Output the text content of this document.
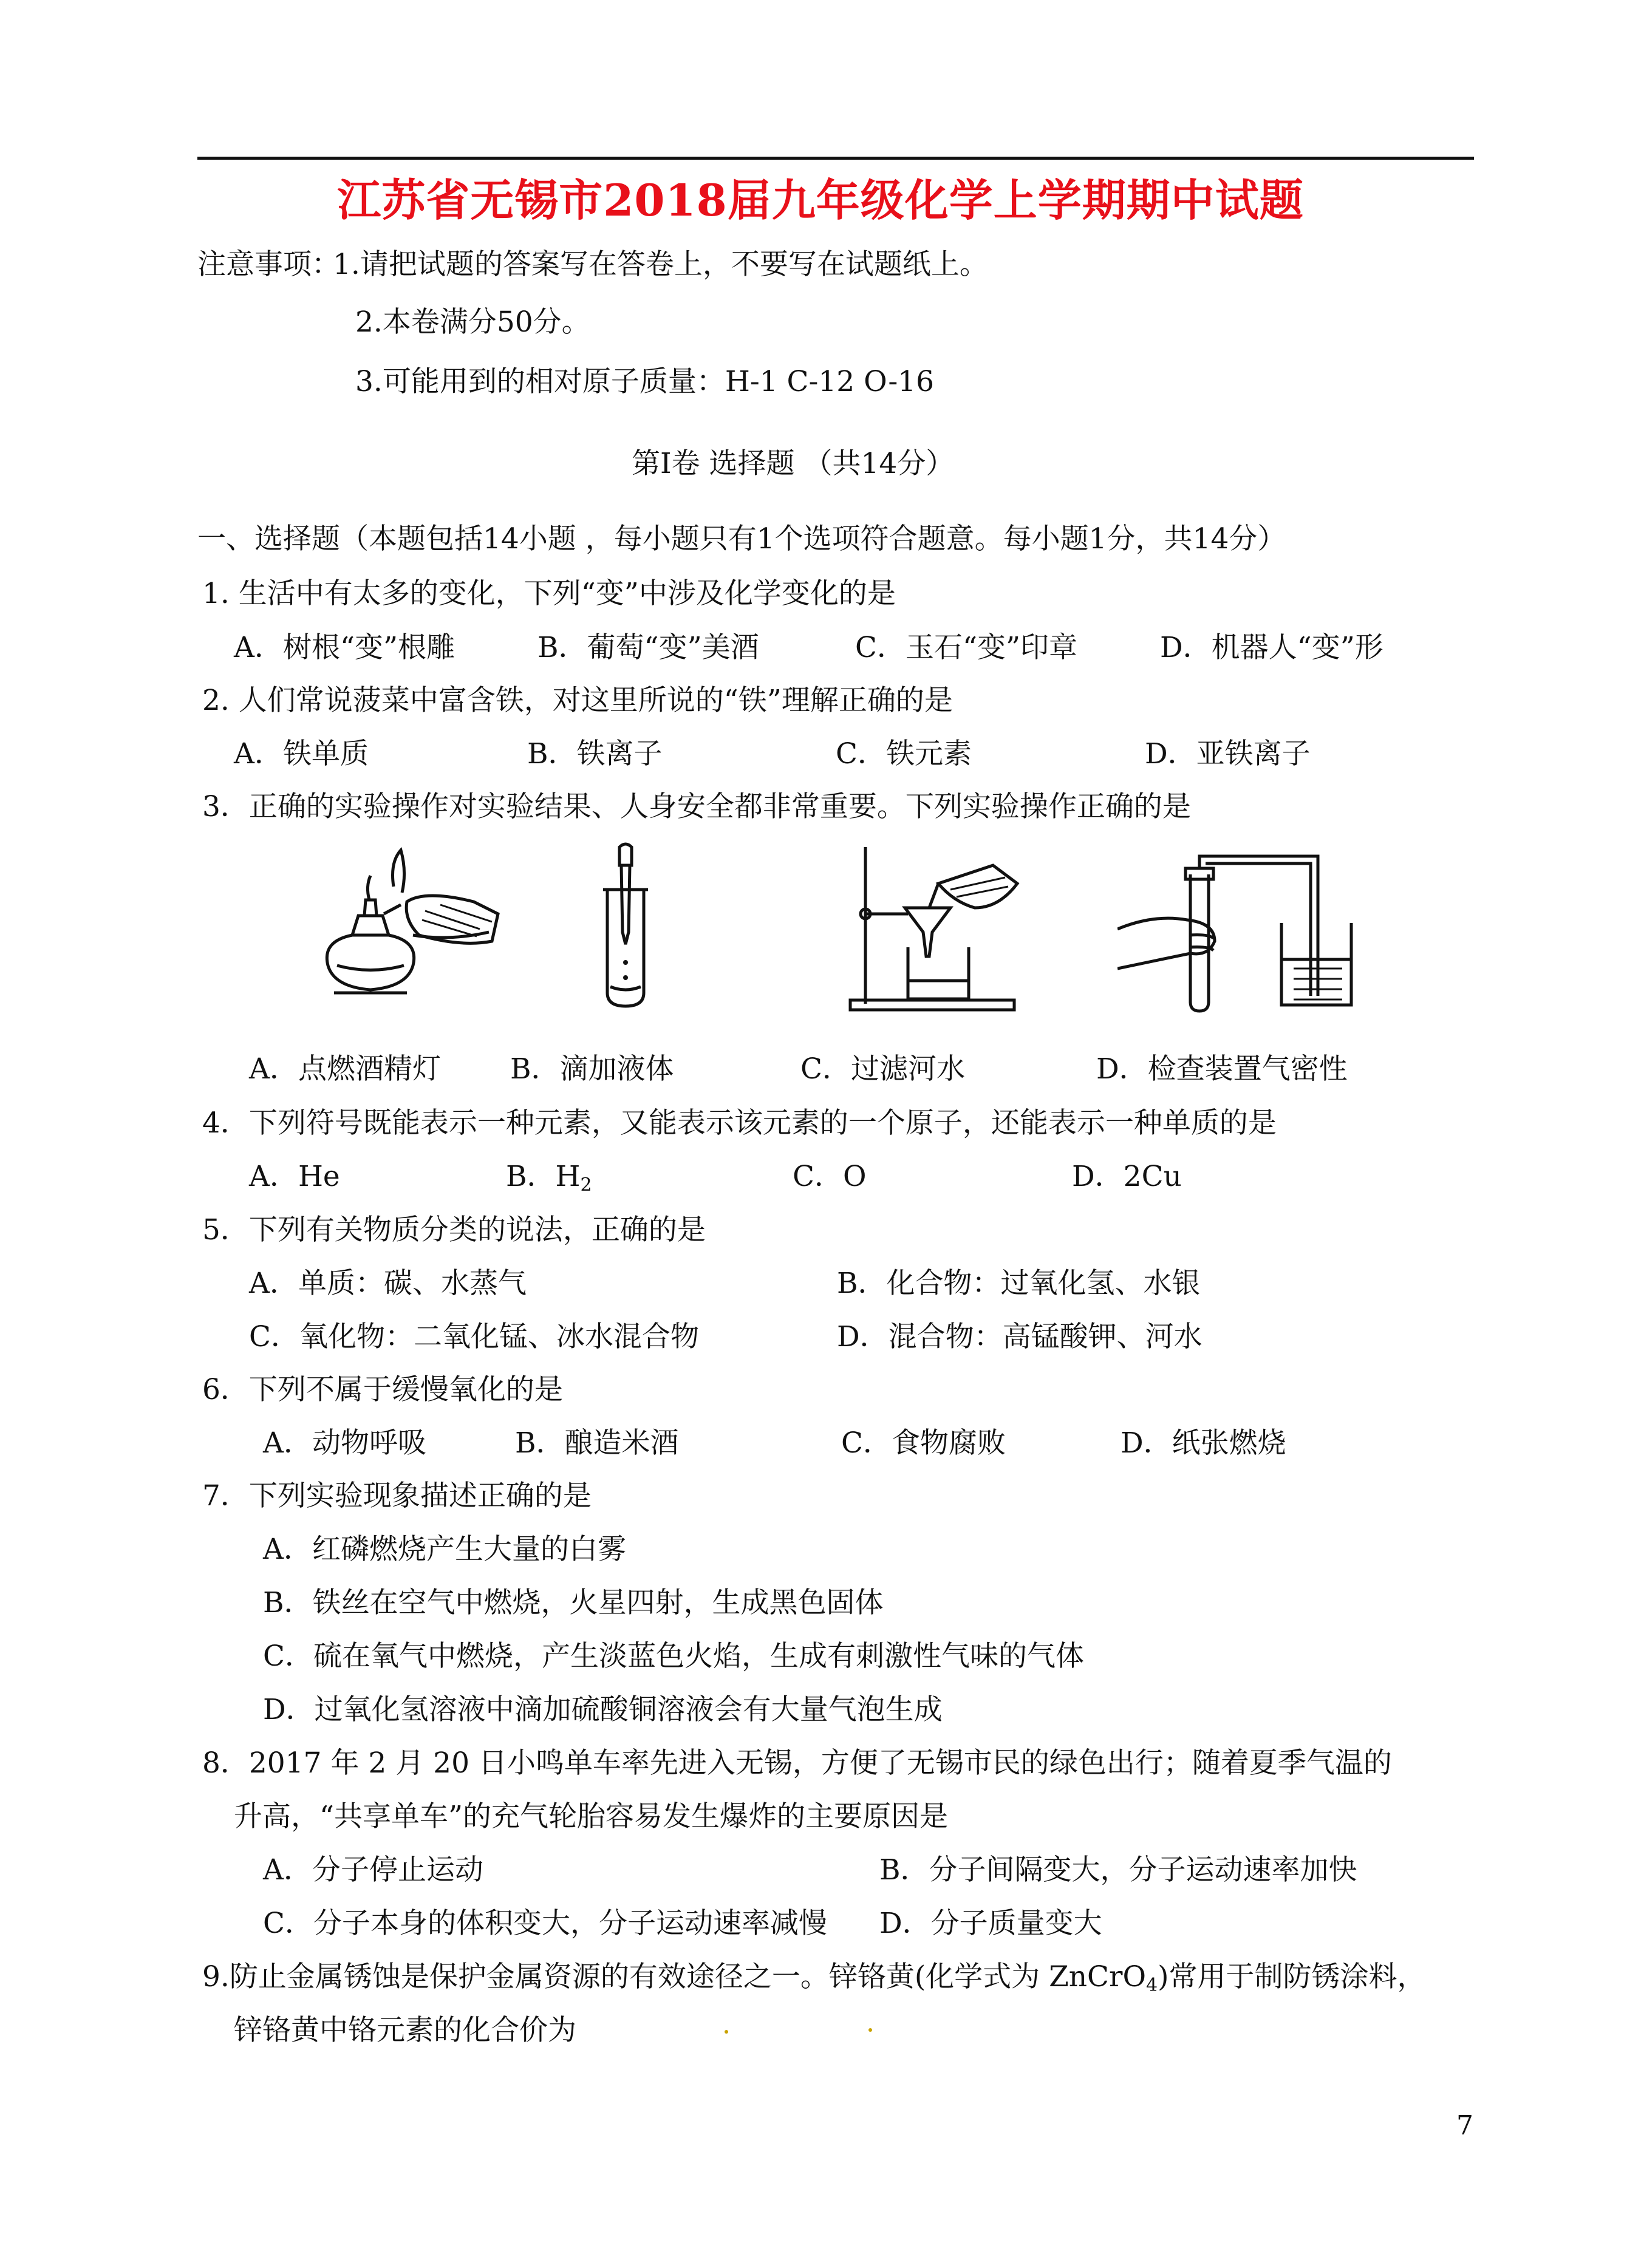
江苏省无锡市2018届九年级化学上学期期中试题
注意事项：
1.请把试题的答案写在答卷上，不要写在试题纸上。
2.本卷满分50分。
3.可能用到的相对原子质量：H-1 C-12 O-16
第Ⅰ卷 选择题 （共14分）
一、选择题（本题包括14小题 ，每小题只有1个选项符合题意。每小题1分，共14分）
1. 生活中有太多的变化，下列“变”中涉及化学变化的是
A．树根“变”根雕	B．葡萄“变”美酒	C．玉石“变”印章	D．机器人“变”形
2. 人们常说菠菜中富含铁，对这里所说的“铁”理解正确的是
A．铁单质	B．铁离子	C．铁元素	D．亚铁离子
3．正确的实验操作对实验结果、人身安全都非常重要。下列实验操作正确的是
A．点燃酒精灯 B．滴加液体	C．过滤河水	D．检查装置气密性
4．下列符号既能表示一种元素，又能表示该元素的一个原子，还能表示一种单质的是
A．He	B．$H_2$	C．O	D．2Cu
5．下列有关物质分类的说法，正确的是
A．单质：碳、水蒸气	B．化合物：过氧化氢、水银
C．氧化物：二氧化锰、冰水混合物	D．混合物：高锰酸钾、河水
6．下列不属于缓慢氧化的是
A．动物呼吸	B．酿造米酒	C．食物腐败	D．纸张燃烧
7．下列实验现象描述正确的是
A．红磷燃烧产生大量的白雾
B．铁丝在空气中燃烧，火星四射，生成黑色固体
C．硫在氧气中燃烧，产生淡蓝色火焰，生成有刺激性气味的气体
D．过氧化氢溶液中滴加硫酸铜溶液会有大量气泡生成
8．2017 年 2 月 20 日小鸣单车率先进入无锡，方便了无锡市民的绿色出行；随着夏季气温的
升高，“共享单车”的充气轮胎容易发生爆炸的主要原因是
A．分子停止运动	B．分子间隔变大，分子运动速率加快
C．分子本身的体积变大，分子运动速率减慢 D．分子质量变大
9.防止金属锈蚀是保护金属资源的有效途径之一。锌铬黄(化学式为 ZnCrO$_4$)常用于制防锈涂料，
锌铬黄中铬元素的化合价为
7
